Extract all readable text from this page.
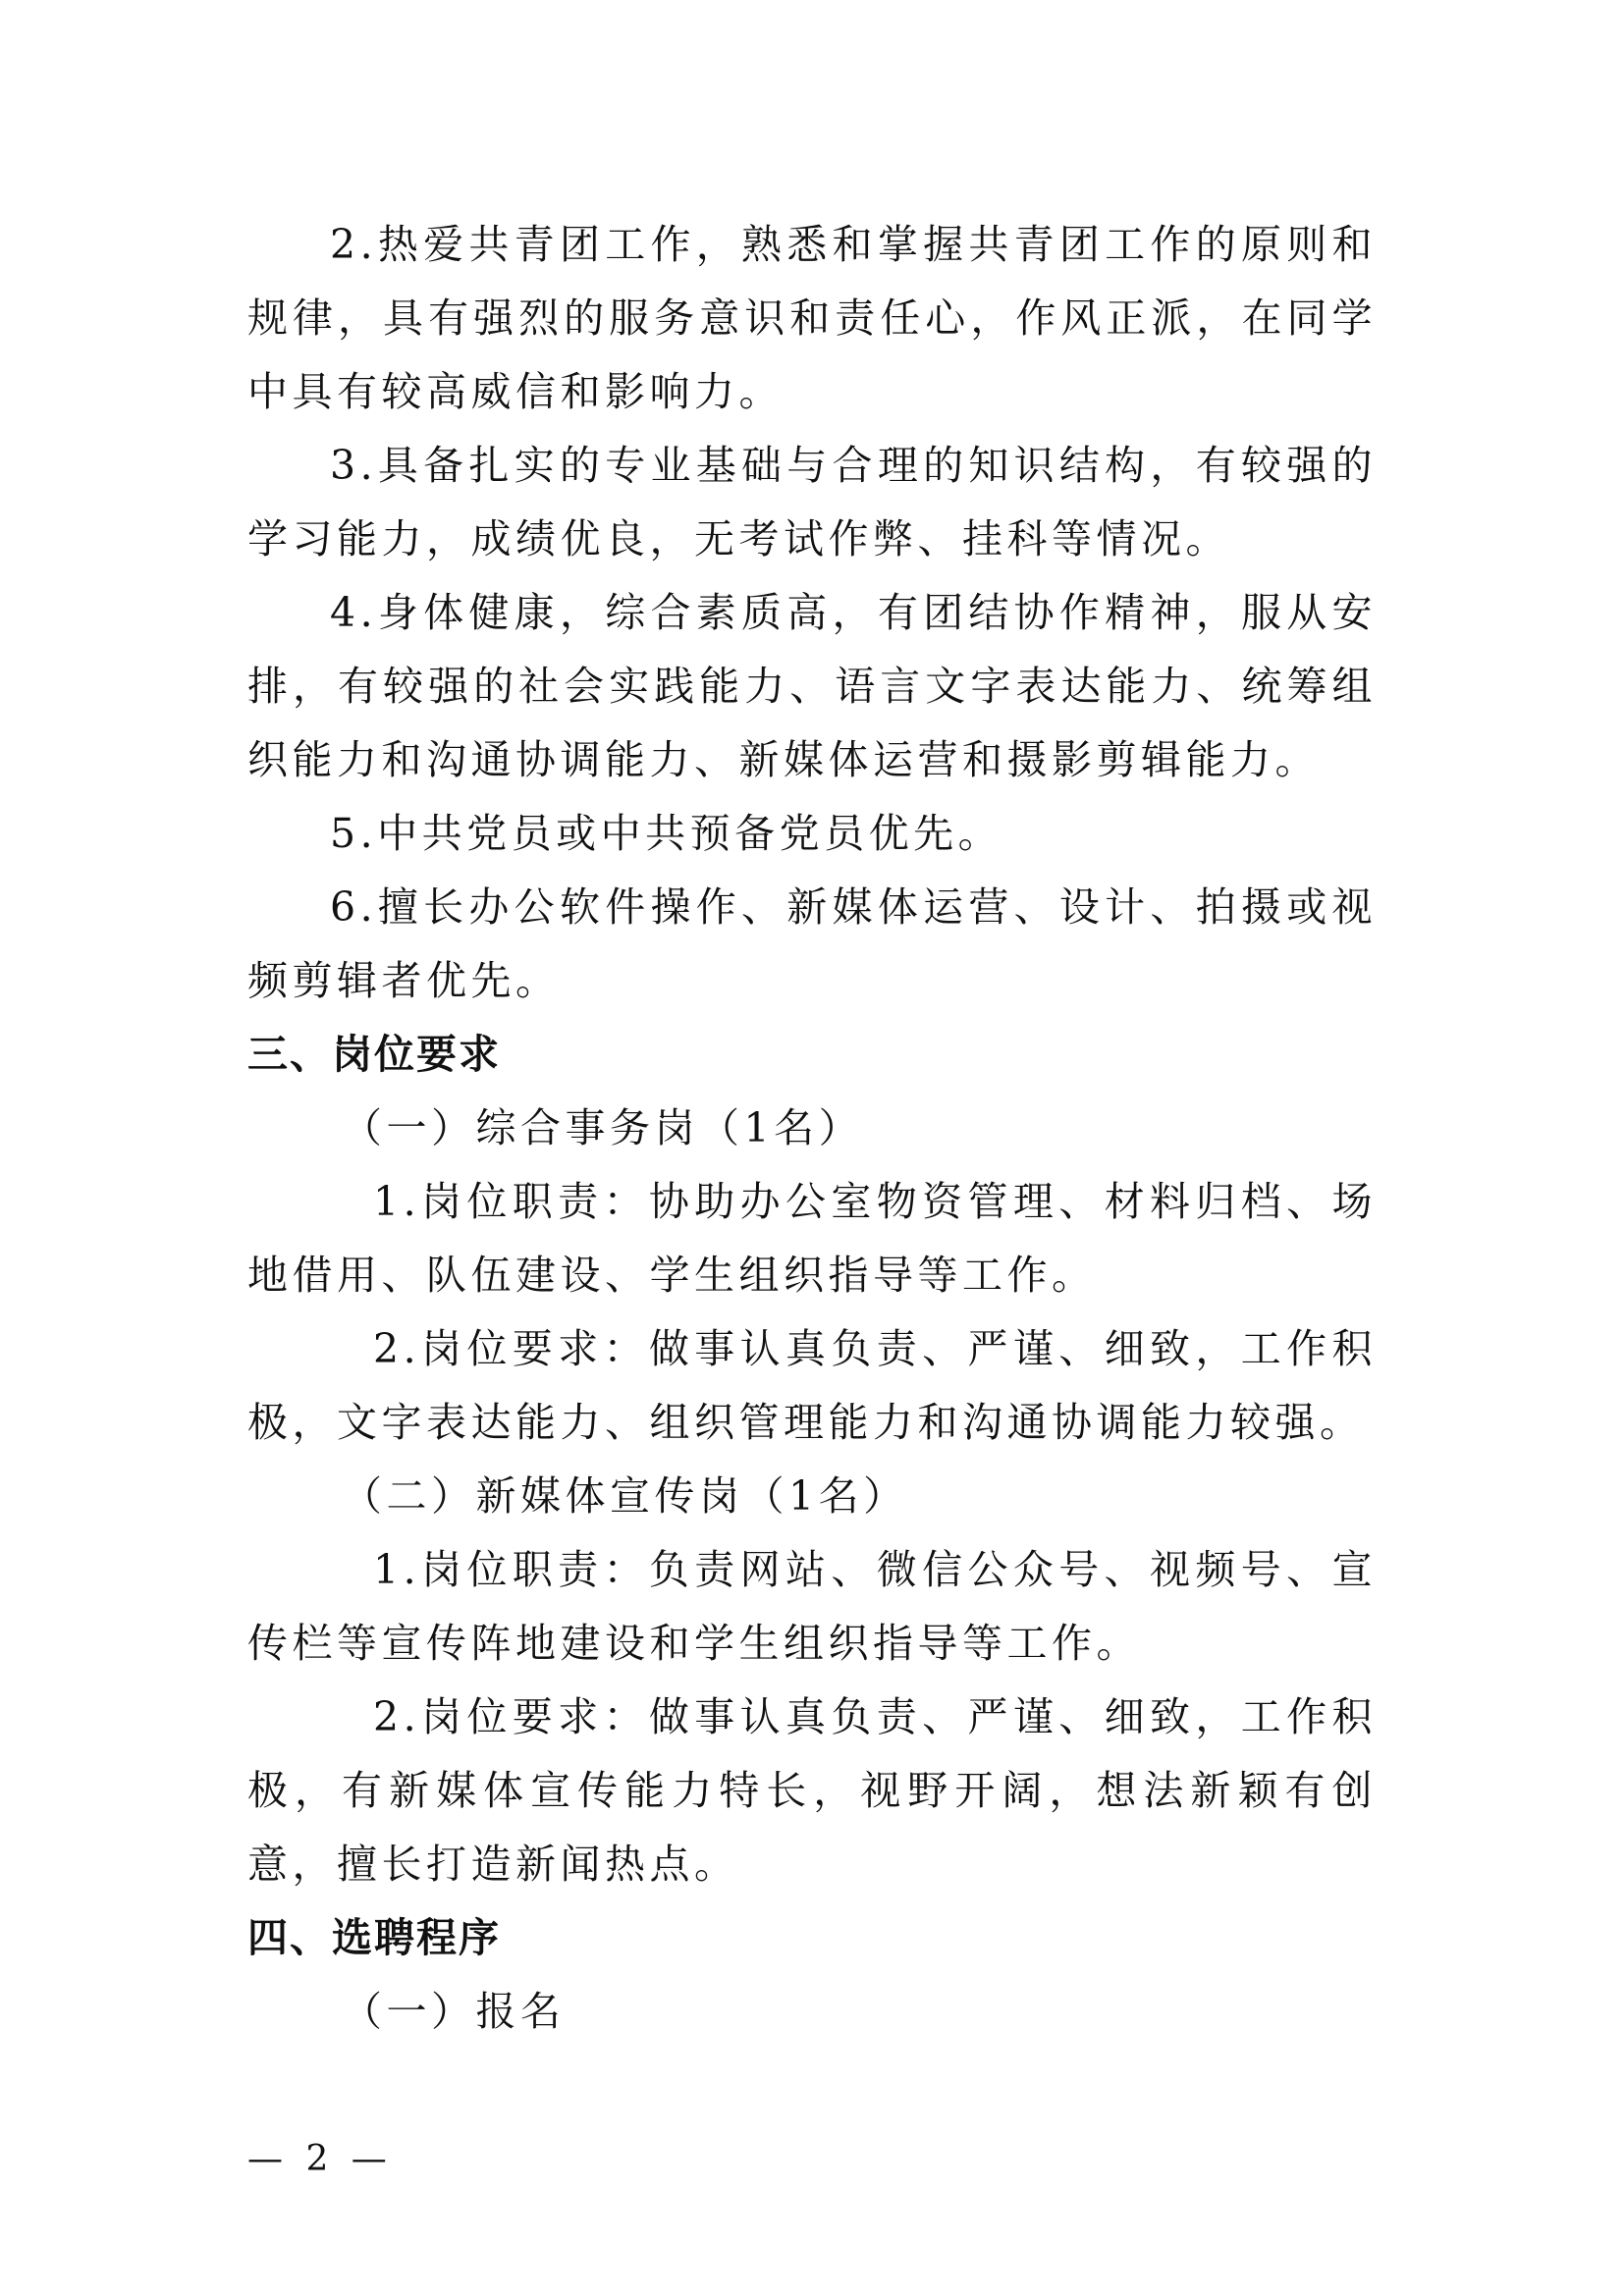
2.热爱共青团工作，熟悉和掌握共青团工作的原则和规律，具有强烈的服务意识和责任心，作风正派，在同学中具有较高威信和影响力。

3.具备扎实的专业基础与合理的知识结构，有较强的学习能力，成绩优良，无考试作弊、挂科等情况。

4.身体健康，综合素质高，有团结协作精神，服从安排，有较强的社会实践能力、语言文字表达能力、统筹组织能力和沟通协调能力、新媒体运营和摄影剪辑能力。

5.中共党员或中共预备党员优先。

6.擅长办公软件操作、新媒体运营、设计、拍摄或视频剪辑者优先。

三、岗位要求

（一）综合事务岗（1名）

1.岗位职责：协助办公室物资管理、材料归档、场地借用、队伍建设、学生组织指导等工作。

2.岗位要求：做事认真负责、严谨、细致，工作积极，文字表达能力、组织管理能力和沟通协调能力较强。

（二）新媒体宣传岗（1名）

1.岗位职责：负责网站、微信公众号、视频号、宣传栏等宣传阵地建设和学生组织指导等工作。

2.岗位要求：做事认真负责、严谨、细致，工作积极，有新媒体宣传能力特长，视野开阔，想法新颖有创意，擅长打造新闻热点。

四、选聘程序

（一）报名

— 2 —
